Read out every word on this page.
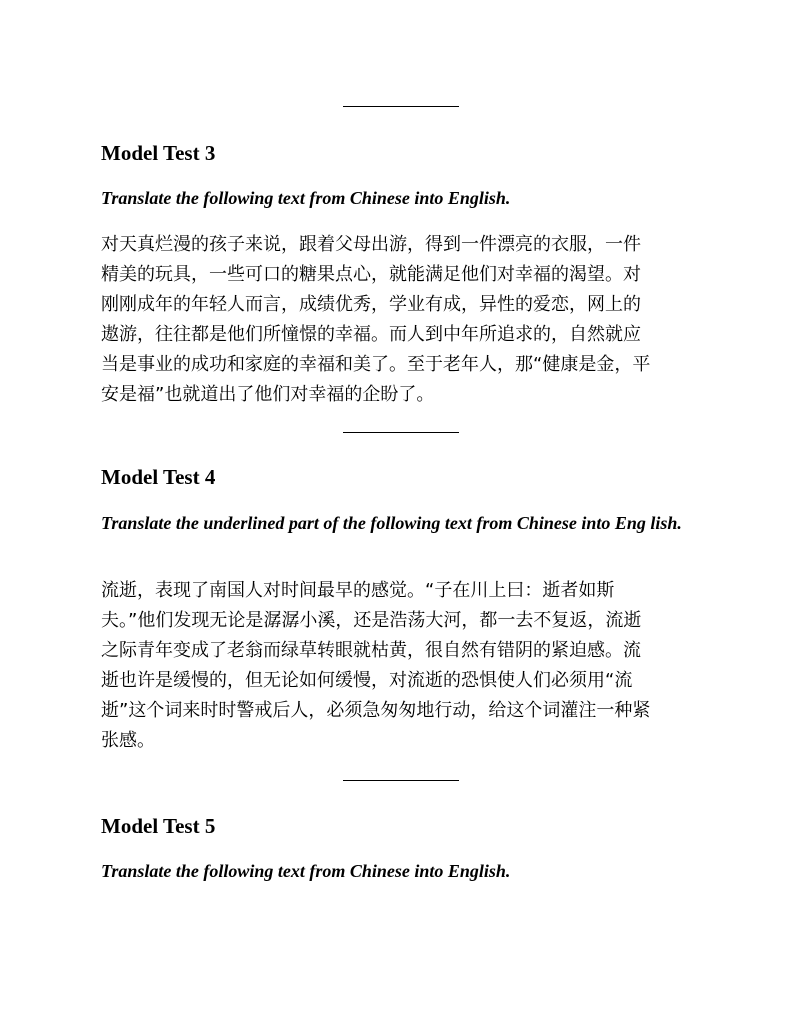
Model Test 3

Translate the following text from Chinese into English.

对天真烂漫的孩子来说，跟着父母出游，得到一件漂亮的衣服，一件
精美的玩具，一些可口的糖果点心，就能满足他们对幸福的渴望。对
刚刚成年的年轻人而言，成绩优秀，学业有成，异性的爱恋，网上的
遨游，往往都是他们所憧憬的幸福。而人到中年所追求的，自然就应
当是事业的成功和家庭的幸福和美了。至于老年人，那“健康是金，平
安是福”也就道出了他们对幸福的企盼了。
Model Test 4

Translate the underlined part of the following text from Chinese into Eng lish.

流逝，表现了南国人对时间最早的感觉。“子在川上曰：逝者如斯
夫。”他们发现无论是潺潺小溪，还是浩荡大河，都一去不复返，流逝
之际青年变成了老翁而绿草转眼就枯黄，很自然有错阴的紧迫感。流
逝也许是缓慢的，但无论如何缓慢，对流逝的恐惧使人们必须用“流
逝”这个词来时时警戒后人，必须急匆匆地行动，给这个词灌注一种紧
张感。
Model Test 5

Translate the following text from Chinese into English.
